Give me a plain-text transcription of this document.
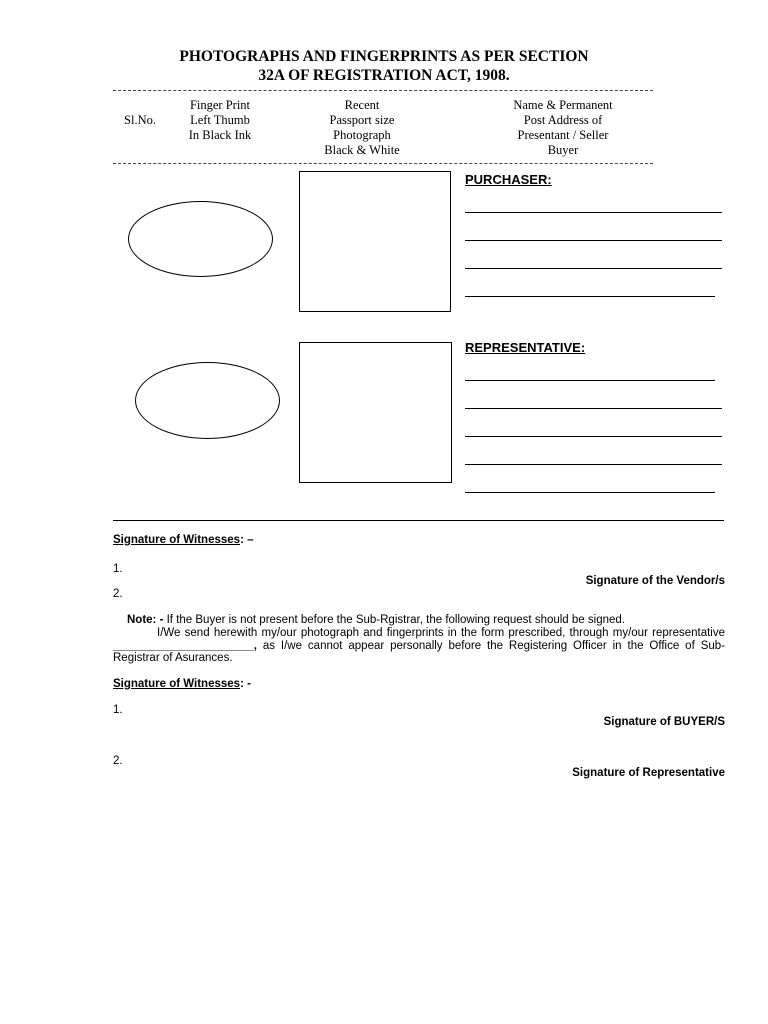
PHOTOGRAPHS AND FINGERPRINTS AS PER SECTION
32A OF REGISTRATION ACT, 1908.
Sl.No.
Finger Print
Left Thumb
In Black Ink
Recent
Passport size
Photograph
Black & White
Name & Permanent
Post Address of
Presentant / Seller
Buyer
PURCHASER:
REPRESENTATIVE:
Signature of Witnesses: –
1.
Signature of the Vendor/s
2.
Note: - If the Buyer is not present before the Sub-Rgistrar, the following request should be signed.
I/We send herewith my/our photograph and fingerprints in the form prescribed, through my/our representative ______________________, as I/we cannot appear personally before the Registering Officer in the Office of Sub-Registrar of Asurances.
Signature of Witnesses: -
1.
Signature of BUYER/S
2.
Signature of Representative
